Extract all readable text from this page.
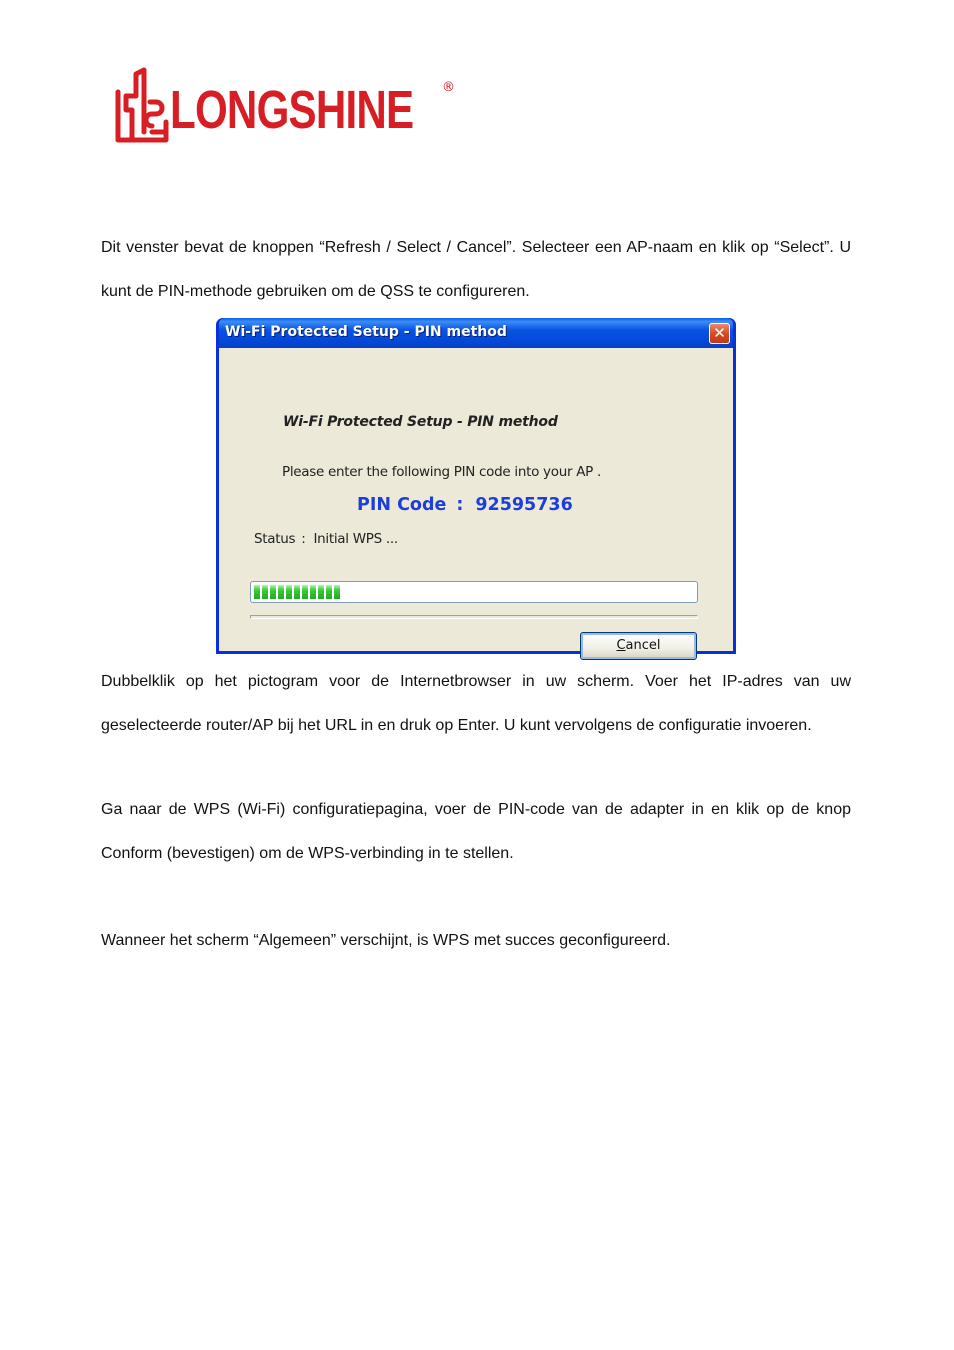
LONGSHINE ®

Dit venster bevat de knoppen “Refresh / Select / Cancel”. Selecteer een AP-naam en klik op “Select”. U kunt de PIN-methode gebruiken om de QSS te configureren.

Wi-Fi Protected Setup - PIN method	✕
Wi-Fi Protected Setup - PIN method
Please enter the following PIN code into your AP .
PIN Code : 92595736
Status : Initial WPS ...
Cancel

Dubbelklik op het pictogram voor de Internetbrowser in uw scherm. Voer het IP-adres van uw geselecteerde router/AP bij het URL in en druk op Enter. U kunt vervolgens de configuratie invoeren.

Ga naar de WPS (Wi-Fi) configuratiepagina, voer de PIN-code van de adapter in en klik op de knop Conform (bevestigen) om de WPS-verbinding in te stellen.

Wanneer het scherm “Algemeen” verschijnt, is WPS met succes geconfigureerd.
